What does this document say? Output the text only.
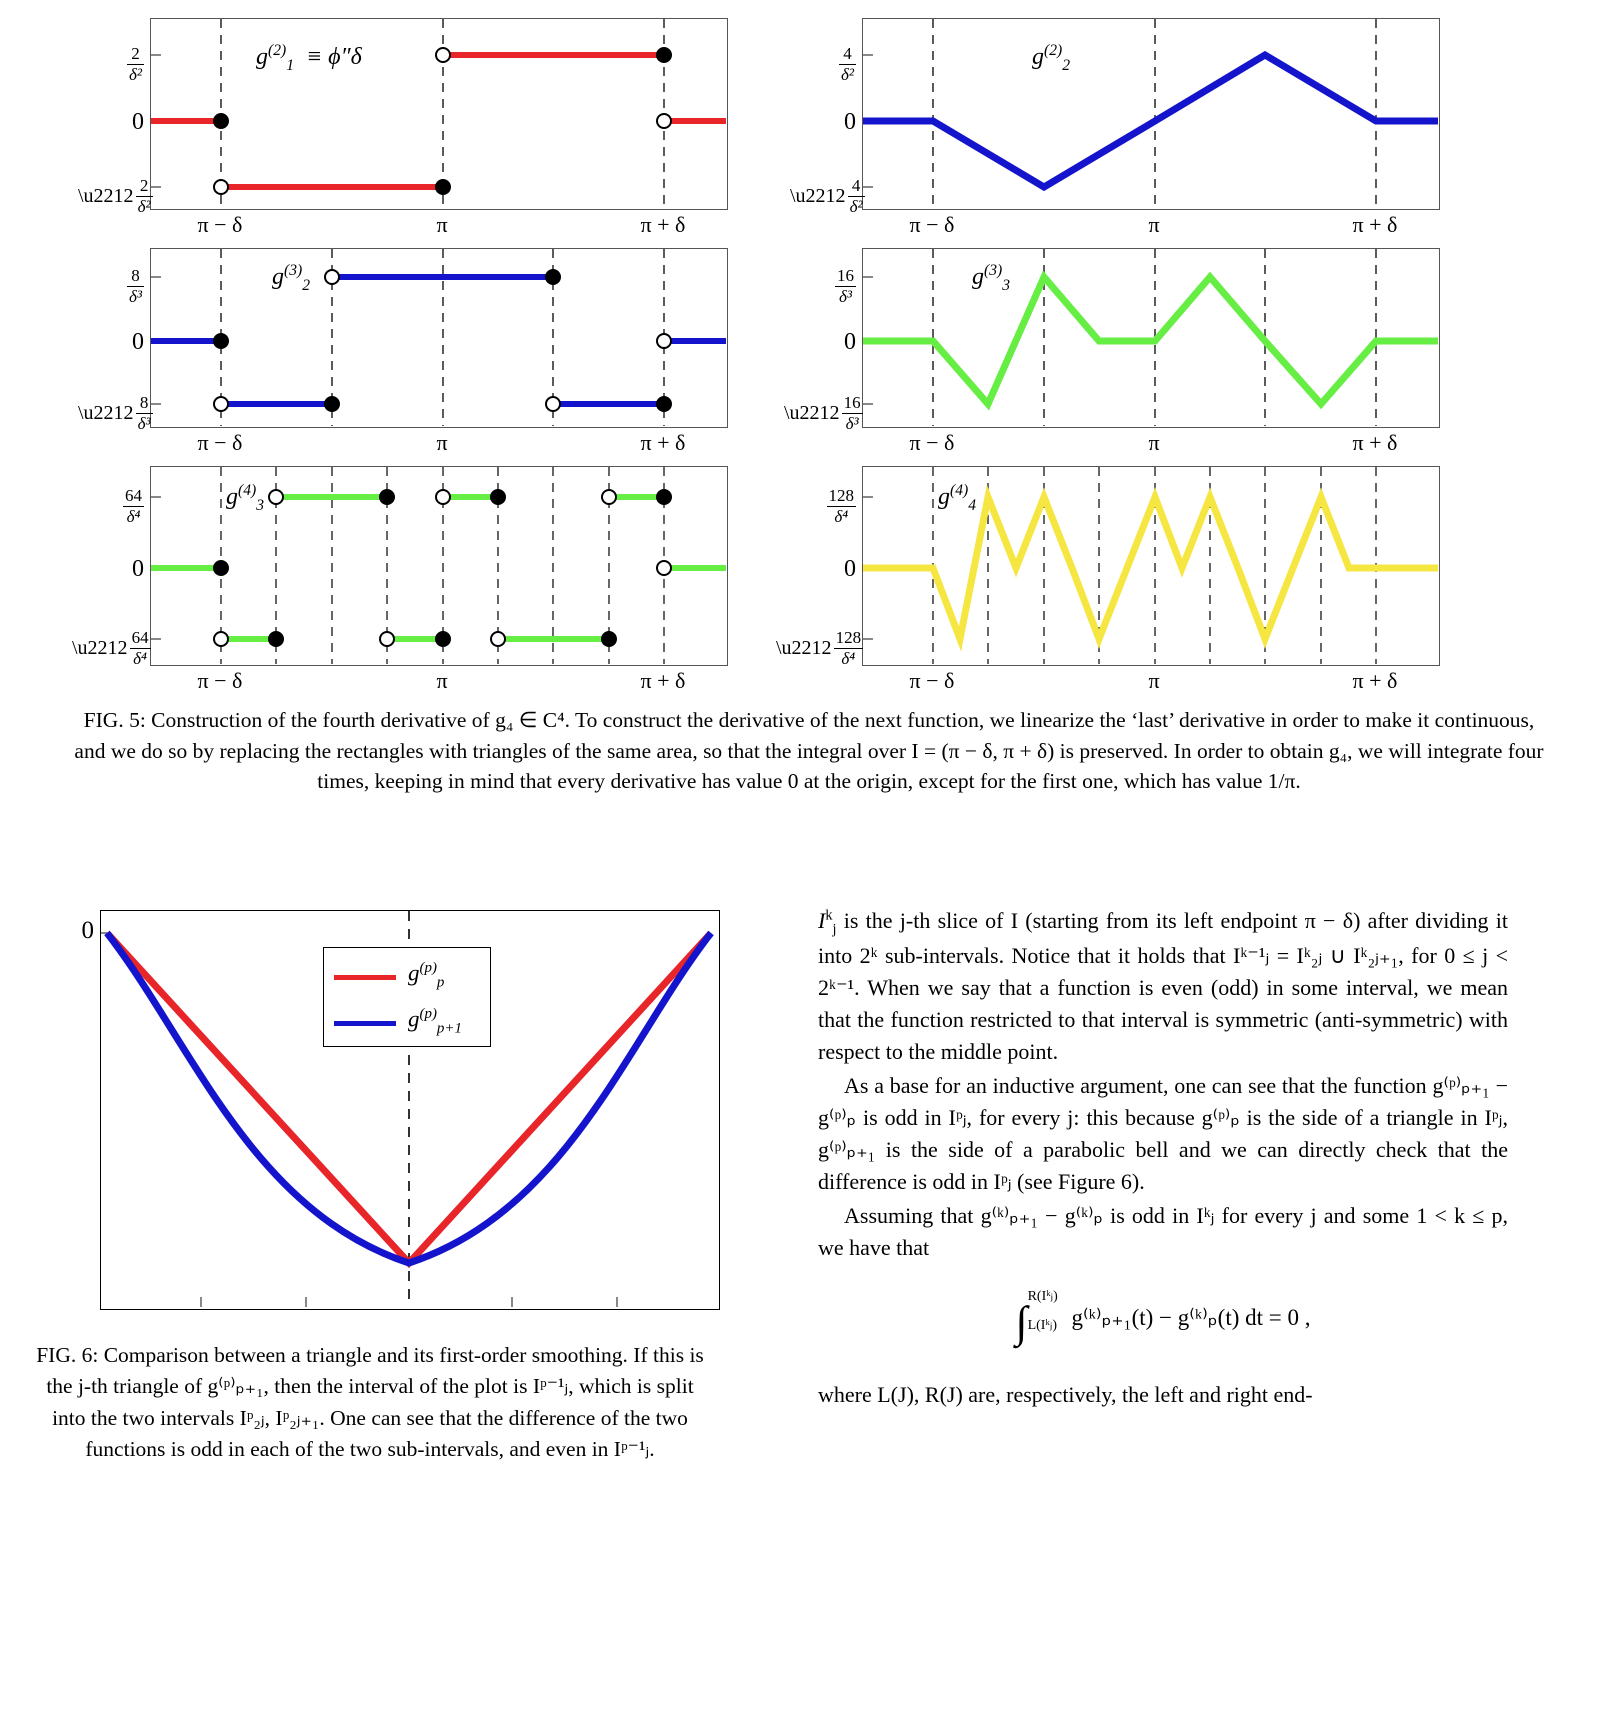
$\frac{2}{\text{δ²}}$
0
\u2212 $\frac{2}{\text{δ²}}$
$g^{(2)}_1 \equiv \phi''\delta$
π − δ	π	π + δ
$\frac{4}{\text{δ²}}$
0
\u2212 $\frac{4}{\text{δ²}}$
$g^{(2)}_2$
π − δ	π	π + δ
$\frac{8}{\text{δ³}}$
0
\u2212 $\frac{8}{\text{δ³}}$
$g^{(3)}_2$
π − δ	π	π + δ
$\frac{16}{\text{δ³}}$
0
\u2212 $\frac{16}{\text{δ³}}$
$g^{(3)}_3$
π − δ	π	π + δ
$\frac{64}{\text{δ⁴}}$
0
\u2212 $\frac{64}{\text{δ⁴}}$
$g^{(4)}_3$
π − δ	π	π + δ
$\frac{128}{\text{δ⁴}}$
0
\u2212 $\frac{128}{\text{δ⁴}}$
$g^{(4)}_4$
π − δ	π	π + δ
FIG. 5: Construction of the fourth derivative of g₄ ∈ C⁴. To construct the derivative of the next function, we linearize the ‘last’ derivative in order to make it continuous, and we do so by replacing the rectangles with triangles of the same area, so that the integral over I = (π − δ, π + δ) is preserved. In order to obtain g₄, we will integrate four times, keeping in mind that every derivative has value 0 at the origin, except for the first one, which has value 1/π.
$g^{(p)}_p$
$g^{(p)}_{p+1}$
0
FIG. 6: Comparison between a triangle and its first-order smoothing. If this is the j-th triangle of g⁽ᵖ⁾ₚ₊₁, then the interval of the plot is Iᵖ⁻¹ⱼ, which is split into the two intervals Iᵖ₂ⱼ, Iᵖ₂ⱼ₊₁. One can see that the difference of the two functions is odd in each of the two sub-intervals, and even in Iᵖ⁻¹ⱼ.

$I^k_j$ is the j-th slice of I (starting from its left endpoint π − δ) after dividing it into 2ᵏ sub-intervals. Notice that it holds that Iᵏ⁻¹ⱼ = Iᵏ₂ⱼ ∪ Iᵏ₂ⱼ₊₁, for 0 ≤ j < 2ᵏ⁻¹. When we say that a function is even (odd) in some interval, we mean that the function restricted to that interval is symmetric (anti-symmetric) with respect to the middle point.

As a base for an inductive argument, one can see that the function g⁽ᵖ⁾ₚ₊₁ − g⁽ᵖ⁾ₚ is odd in Iᵖⱼ, for every j: this because g⁽ᵖ⁾ₚ is the side of a triangle in Iᵖⱼ, g⁽ᵖ⁾ₚ₊₁ is the side of a parabolic bell and we can directly check that the difference is odd in Iᵖⱼ (see Figure 6).

Assuming that g⁽ᵏ⁾ₚ₊₁ − g⁽ᵏ⁾ₚ is odd in Iᵏⱼ for every j and some 1 < k ≤ p, we have that

∫
R(Iᵏⱼ)
L(Iᵏⱼ) g⁽ᵏ⁾ₚ₊₁(t) − g⁽ᵏ⁾ₚ(t) dt = 0 ,

where L(J), R(J) are, respectively, the left and right end-
